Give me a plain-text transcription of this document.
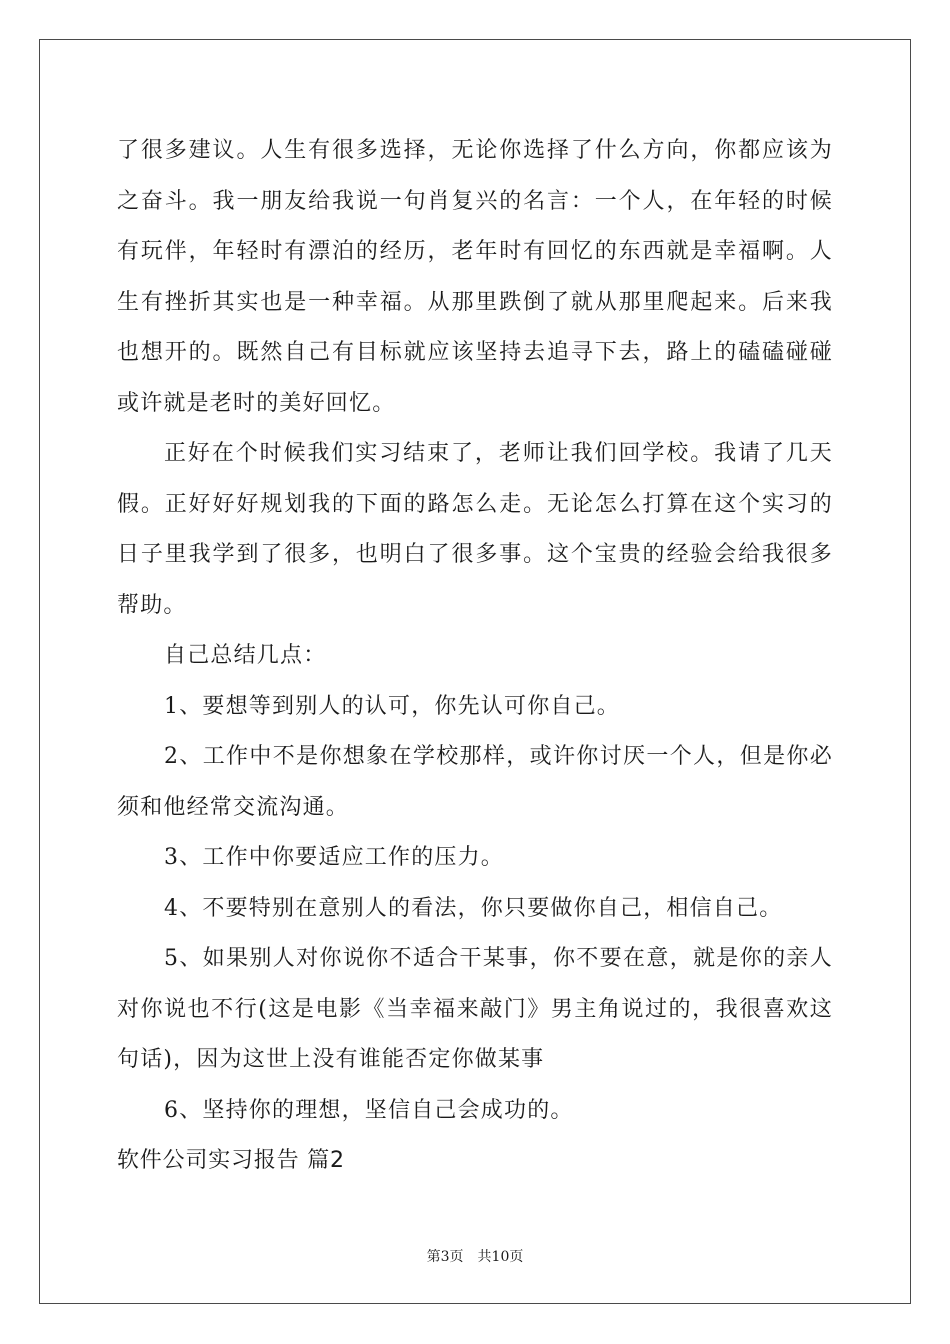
了很多建议。人生有很多选择，无论你选择了什么方向，你都应该为之奋斗。我一朋友给我说一句肖复兴的名言：一个人，在年轻的时候有玩伴，年轻时有漂泊的经历，老年时有回忆的东西就是幸福啊。人生有挫折其实也是一种幸福。从那里跌倒了就从那里爬起来。后来我也想开的。既然自己有目标就应该坚持去追寻下去，路上的磕磕碰碰或许就是老时的美好回忆。

正好在个时候我们实习结束了，老师让我们回学校。我请了几天假。正好好好规划我的下面的路怎么走。无论怎么打算在这个实习的日子里我学到了很多，也明白了很多事。这个宝贵的经验会给我很多帮助。

自己总结几点：

1、要想等到别人的认可，你先认可你自己。

2、工作中不是你想象在学校那样，或许你讨厌一个人，但是你必须和他经常交流沟通。

3、工作中你要适应工作的压力。

4、不要特别在意别人的看法，你只要做你自己，相信自己。

5、如果别人对你说你不适合干某事，你不要在意，就是你的亲人对你说也不行(这是电影《当幸福来敲门》男主角说过的，我很喜欢这句话)，因为这世上没有谁能否定你做某事

6、坚持你的理想，坚信自己会成功的。

软件公司实习报告 篇2

第3页 共10页
